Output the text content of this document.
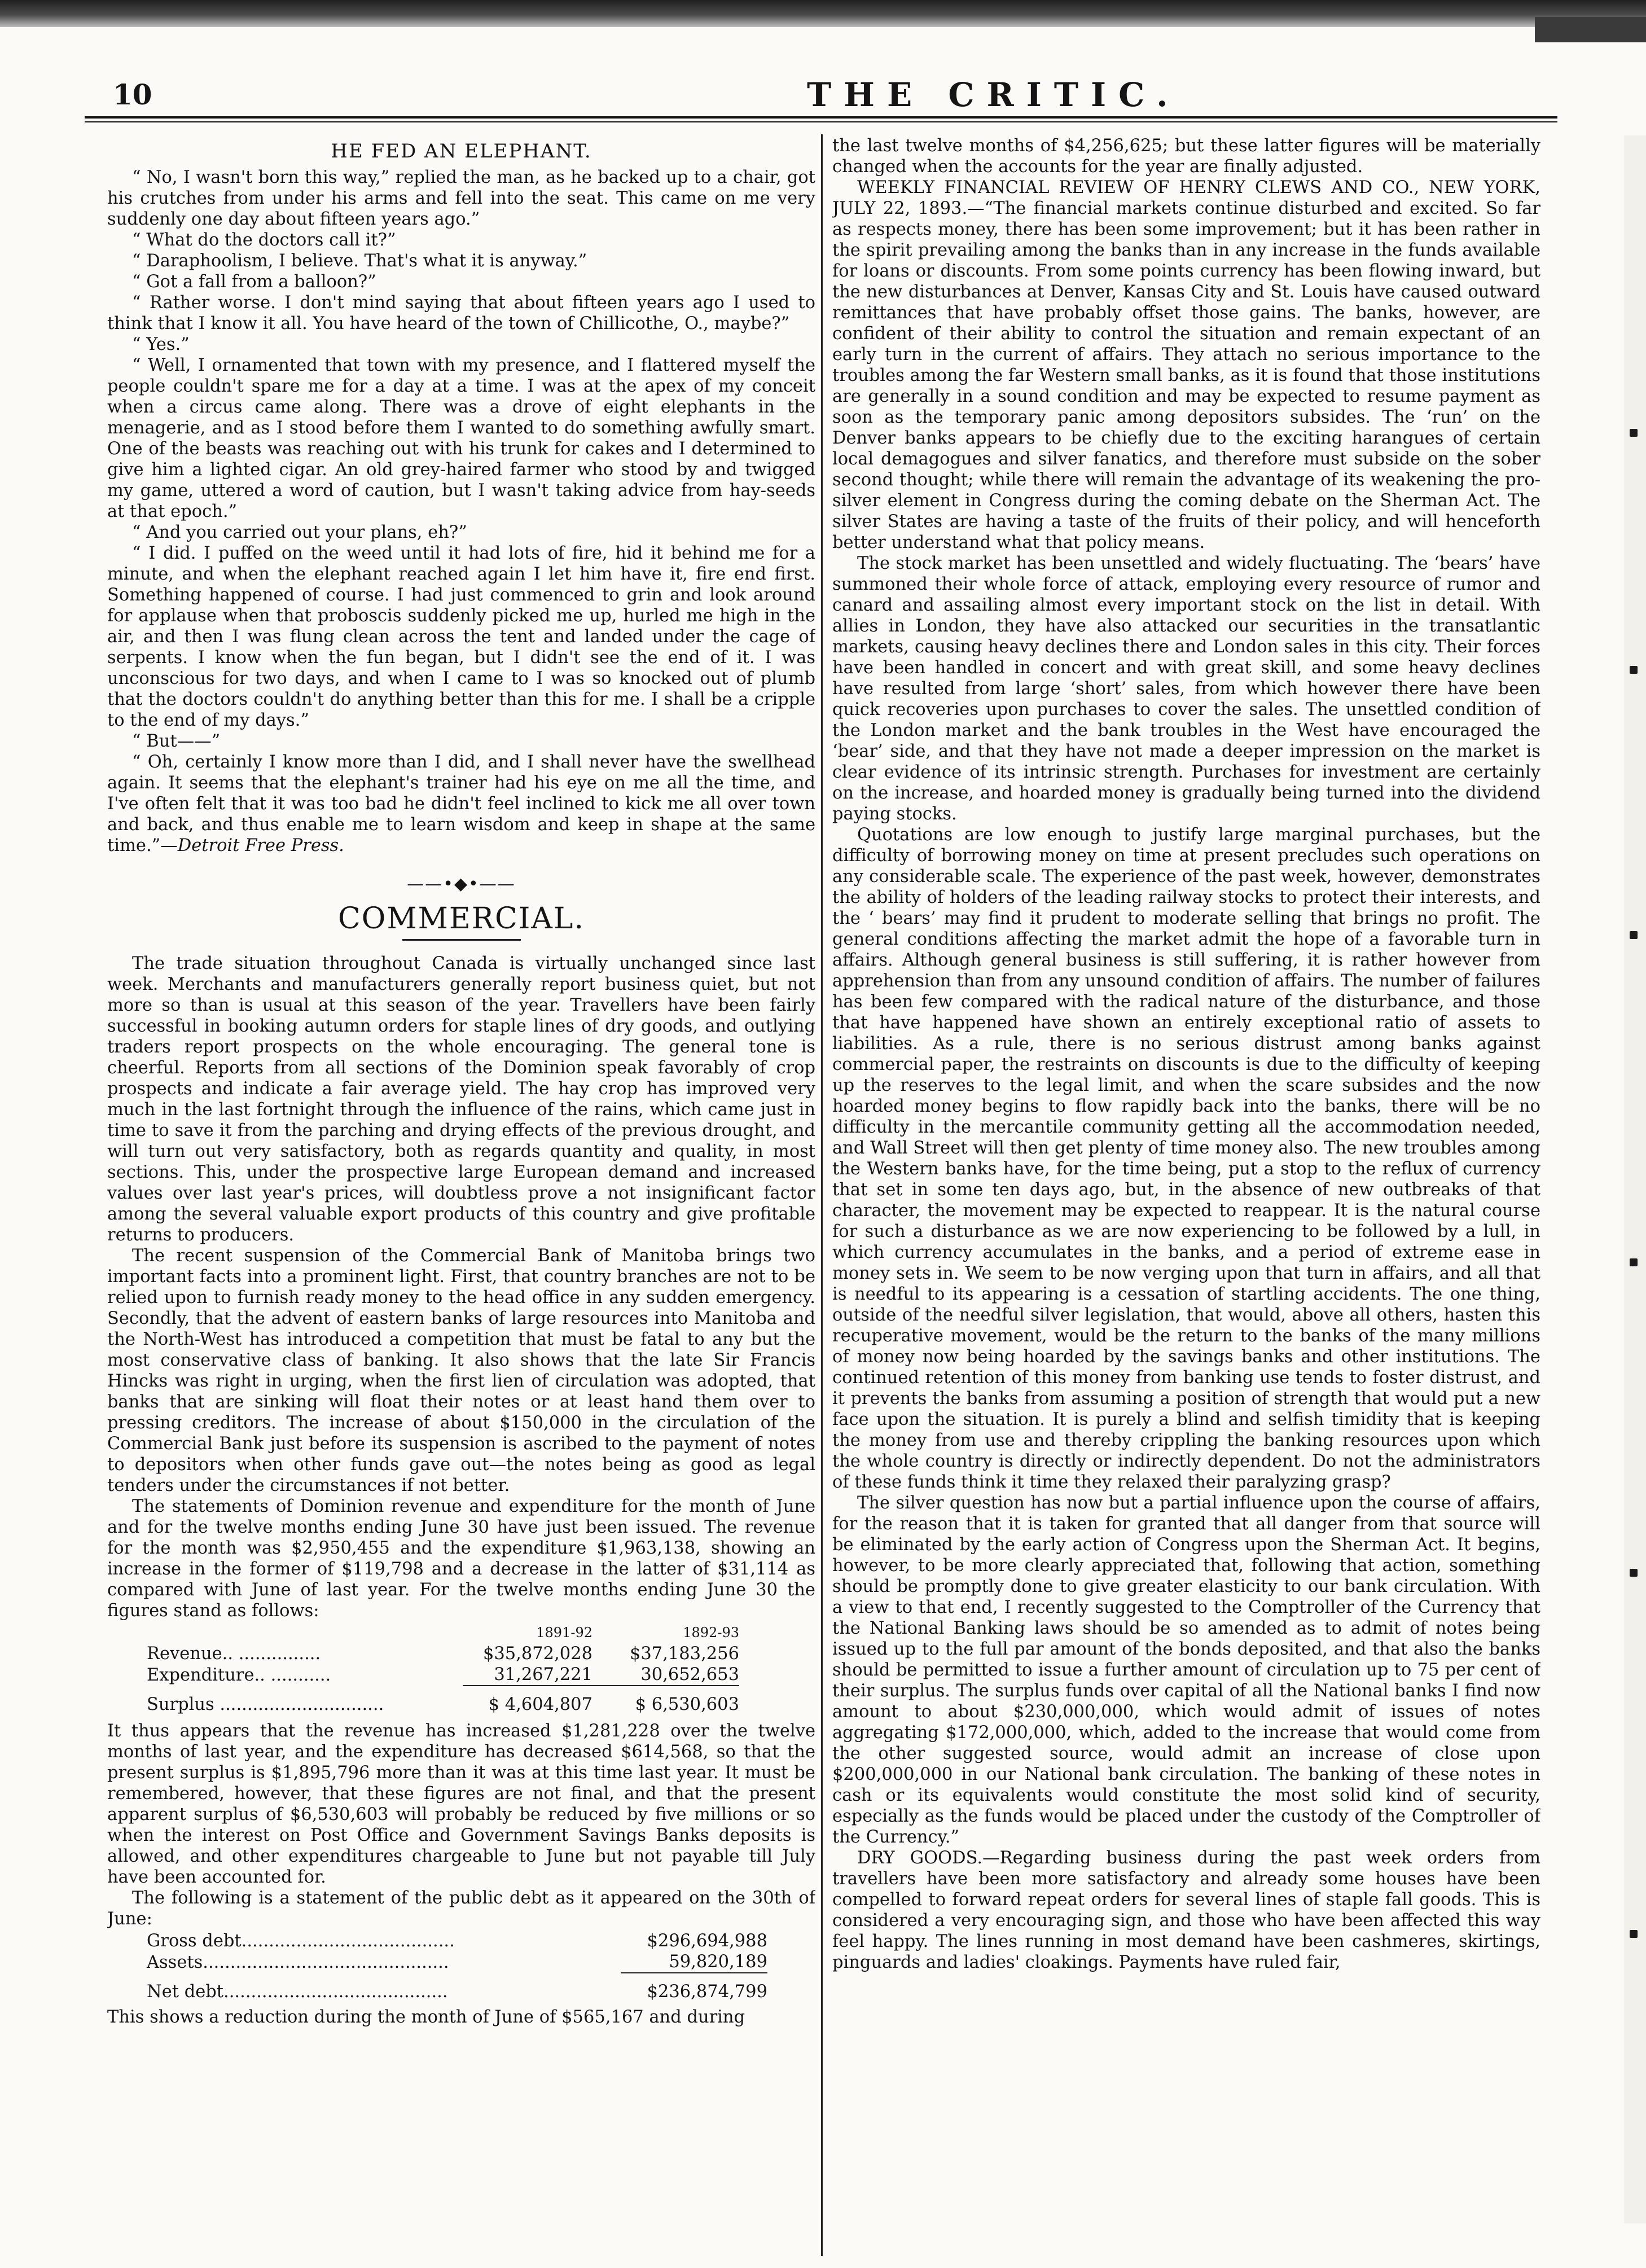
10	THE CRITIC.
HE FED AN ELEPHANT.

“ No, I wasn't born this way,” replied the man, as he backed up to a chair, got his crutches from under his arms and fell into the seat. This came on me very suddenly one day about fifteen years ago.”

“ What do the doctors call it?”

“ Daraphoolism, I believe. That's what it is anyway.”

“ Got a fall from a balloon?”

“ Rather worse. I don't mind saying that about fifteen years ago I used to think that I know it all. You have heard of the town of Chillicothe, O., maybe?”

“ Yes.”

“ Well, I ornamented that town with my presence, and I flattered myself the people couldn't spare me for a day at a time. I was at the apex of my conceit when a circus came along. There was a drove of eight elephants in the menagerie, and as I stood before them I wanted to do something awfully smart. One of the beasts was reaching out with his trunk for cakes and I determined to give him a lighted cigar. An old grey-haired farmer who stood by and twigged my game, uttered a word of caution, but I wasn't taking advice from hay-seeds at that epoch.”

“ And you carried out your plans, eh?”

“ I did. I puffed on the weed until it had lots of fire, hid it behind me for a minute, and when the elephant reached again I let him have it, fire end first. Something happened of course. I had just commenced to grin and look around for applause when that proboscis suddenly picked me up, hurled me high in the air, and then I was flung clean across the tent and landed under the cage of serpents. I know when the fun began, but I didn't see the end of it. I was unconscious for two days, and when I came to I was so knocked out of plumb that the doctors couldn't do anything better than this for me. I shall be a cripple to the end of my days.”

“ But——”

“ Oh, certainly I know more than I did, and I shall never have the swellhead again. It seems that the elephant's trainer had his eye on me all the time, and I've often felt that it was too bad he didn't feel inclined to kick me all over town and back, and thus enable me to learn wisdom and keep in shape at the same time.”—Detroit Free Press.

——•◆•——
COMMERCIAL.

The trade situation throughout Canada is virtually unchanged since last week. Merchants and manufacturers generally report business quiet, but not more so than is usual at this season of the year. Travellers have been fairly successful in booking autumn orders for staple lines of dry goods, and outlying traders report prospects on the whole encouraging. The general tone is cheerful. Reports from all sections of the Dominion speak favorably of crop prospects and indicate a fair average yield. The hay crop has improved very much in the last fortnight through the influence of the rains, which came just in time to save it from the parching and drying effects of the previous drought, and will turn out very satisfactory, both as regards quantity and quality, in most sections. This, under the prospective large European demand and increased values over last year's prices, will doubtless prove a not insignificant factor among the several valuable export products of this country and give profitable returns to producers.

The recent suspension of the Commercial Bank of Manitoba brings two important facts into a prominent light. First, that country branches are not to be relied upon to furnish ready money to the head office in any sudden emergency. Secondly, that the advent of eastern banks of large resources into Manitoba and the North-West has introduced a competition that must be fatal to any but the most conservative class of banking. It also shows that the late Sir Francis Hincks was right in urging, when the first lien of circulation was adopted, that banks that are sinking will float their notes or at least hand them over to pressing creditors. The increase of about $150,000 in the circulation of the Commercial Bank just before its suspension is ascribed to the payment of notes to depositors when other funds gave out—the notes being as good as legal tenders under the circumstances if not better.

The statements of Dominion revenue and expenditure for the month of June and for the twelve months ending June 30 have just been issued. The revenue for the month was $2,950,455 and the expenditure $1,963,138, showing an increase in the former of $119,798 and a decrease in the latter of $31,114 as compared with June of last year. For the twelve months ending June 30 the figures stand as follows:

	1891-92	1892-93
Revenue.. ...............	$35,872,028	$37,183,256
Expenditure.. ...........	31,267,221	30,652,653
Surplus ..............................	$ 4,604,807	$ 6,530,603

It thus appears that the revenue has increased $1,281,228 over the twelve months of last year, and the expenditure has decreased $614,568, so that the present surplus is $1,895,796 more than it was at this time last year. It must be remembered, however, that these figures are not final, and that the present apparent surplus of $6,530,603 will probably be reduced by five millions or so when the interest on Post Office and Government Savings Banks deposits is allowed, and other expenditures chargeable to June but not payable till July have been accounted for.

The following is a statement of the public debt as it appeared on the 30th of June:

Gross debt.......................................	$296,694,988
Assets.............................................	59,820,189
Net debt.........................................	$236,874,799

This shows a reduction during the month of June of $565,167 and during

the last twelve months of $4,256,625; but these latter figures will be materially changed when the accounts for the year are finally adjusted.

WEEKLY FINANCIAL REVIEW OF HENRY CLEWS AND CO., NEW YORK, JULY 22, 1893.—“The financial markets continue disturbed and excited. So far as respects money, there has been some improvement; but it has been rather in the spirit prevailing among the banks than in any increase in the funds available for loans or discounts. From some points currency has been flowing inward, but the new disturbances at Denver, Kansas City and St. Louis have caused outward remittances that have probably offset those gains. The banks, however, are confident of their ability to control the situation and remain expectant of an early turn in the current of affairs. They attach no serious importance to the troubles among the far Western small banks, as it is found that those institutions are generally in a sound condition and may be expected to resume payment as soon as the temporary panic among depositors subsides. The ‘run’ on the Denver banks appears to be chiefly due to the exciting harangues of certain local demagogues and silver fanatics, and therefore must subside on the sober second thought; while there will remain the advantage of its weakening the pro-silver element in Congress during the coming debate on the Sherman Act. The silver States are having a taste of the fruits of their policy, and will henceforth better understand what that policy means.

The stock market has been unsettled and widely fluctuating. The ‘bears’ have summoned their whole force of attack, employing every resource of rumor and canard and assailing almost every important stock on the list in detail. With allies in London, they have also attacked our securities in the transatlantic markets, causing heavy declines there and London sales in this city. Their forces have been handled in concert and with great skill, and some heavy declines have resulted from large ‘short’ sales, from which however there have been quick recoveries upon purchases to cover the sales. The unsettled condition of the London market and the bank troubles in the West have encouraged the ‘bear’ side, and that they have not made a deeper impression on the market is clear evidence of its intrinsic strength. Purchases for investment are certainly on the increase, and hoarded money is gradually being turned into the dividend paying stocks.

Quotations are low enough to justify large marginal purchases, but the difficulty of borrowing money on time at present precludes such operations on any considerable scale. The experience of the past week, however, demonstrates the ability of holders of the leading railway stocks to protect their interests, and the ‘ bears’ may find it prudent to moderate selling that brings no profit. The general conditions affecting the market admit the hope of a favorable turn in affairs. Although general business is still suffering, it is rather however from apprehension than from any unsound condition of affairs. The number of failures has been few compared with the radical nature of the disturbance, and those that have happened have shown an entirely exceptional ratio of assets to liabilities. As a rule, there is no serious distrust among banks against commercial paper, the restraints on discounts is due to the difficulty of keeping up the reserves to the legal limit, and when the scare subsides and the now hoarded money begins to flow rapidly back into the banks, there will be no difficulty in the mercantile community getting all the accommodation needed, and Wall Street will then get plenty of time money also. The new troubles among the Western banks have, for the time being, put a stop to the reflux of currency that set in some ten days ago, but, in the absence of new outbreaks of that character, the movement may be expected to reappear. It is the natural course for such a disturbance as we are now experiencing to be followed by a lull, in which currency accumulates in the banks, and a period of extreme ease in money sets in. We seem to be now verging upon that turn in affairs, and all that is needful to its appearing is a cessation of startling accidents. The one thing, outside of the needful silver legislation, that would, above all others, hasten this recuperative movement, would be the return to the banks of the many millions of money now being hoarded by the savings banks and other institutions. The continued retention of this money from banking use tends to foster distrust, and it prevents the banks from assuming a position of strength that would put a new face upon the situation. It is purely a blind and selfish timidity that is keeping the money from use and thereby crippling the banking resources upon which the whole country is directly or indirectly dependent. Do not the administrators of these funds think it time they relaxed their paralyzing grasp?

The silver question has now but a partial influence upon the course of affairs, for the reason that it is taken for granted that all danger from that source will be eliminated by the early action of Congress upon the Sherman Act. It begins, however, to be more clearly appreciated that, following that action, something should be promptly done to give greater elasticity to our bank circulation. With a view to that end, I recently suggested to the Comptroller of the Currency that the National Banking laws should be so amended as to admit of notes being issued up to the full par amount of the bonds deposited, and that also the banks should be permitted to issue a further amount of circulation up to 75 per cent of their surplus. The surplus funds over capital of all the National banks I find now amount to about $230,000,000, which would admit of issues of notes aggregating $172,000,000, which, added to the increase that would come from the other suggested source, would admit an increase of close upon $200,000,000 in our National bank circulation. The banking of these notes in cash or its equivalents would constitute the most solid kind of security, especially as the funds would be placed under the custody of the Comptroller of the Currency.”

DRY GOODS.—Regarding business during the past week orders from travellers have been more satisfactory and already some houses have been compelled to forward repeat orders for several lines of staple fall goods. This is considered a very encouraging sign, and those who have been affected this way feel happy. The lines running in most demand have been cashmeres, skirtings, pinguards and ladies' cloakings. Payments have ruled fair,
